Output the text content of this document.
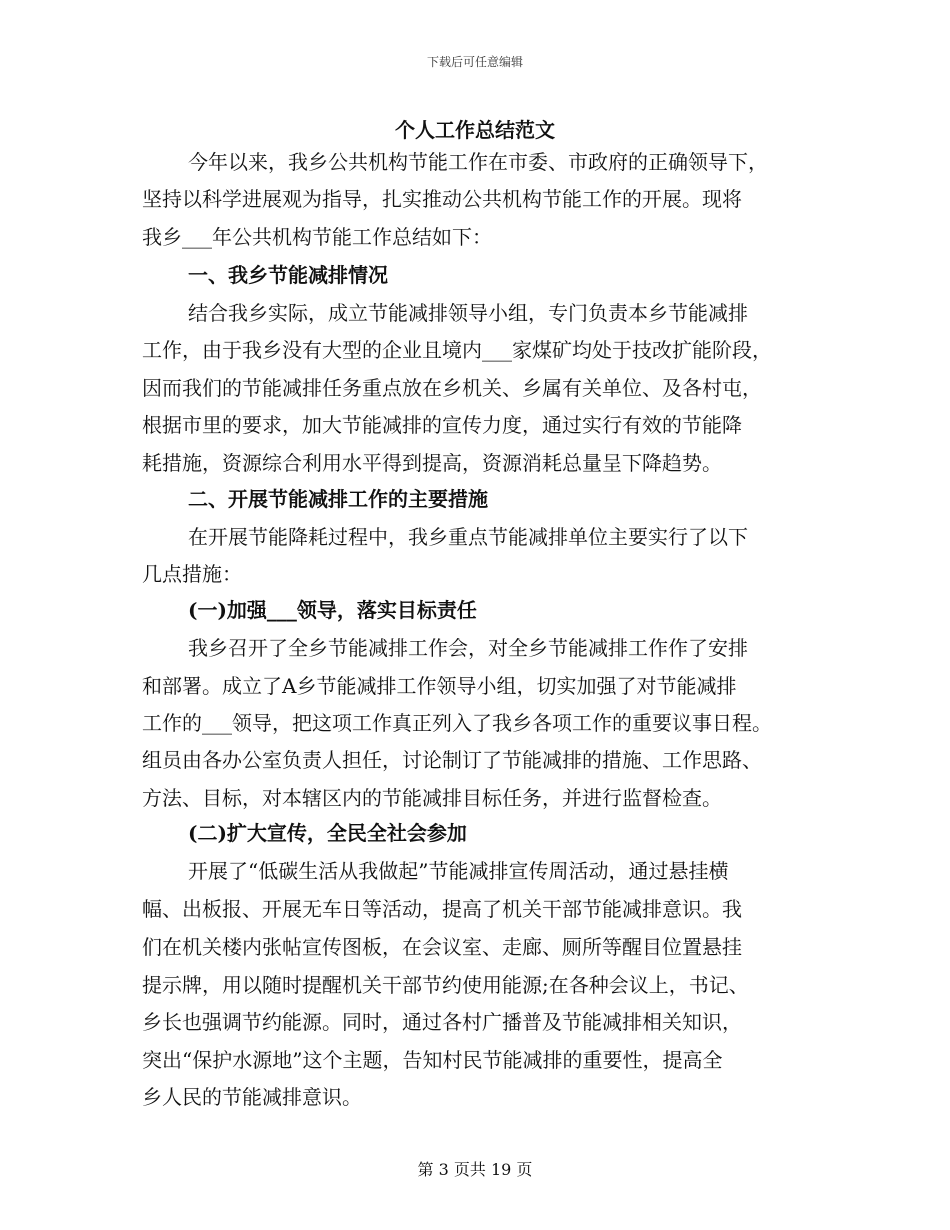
下载后可任意编辑
个人工作总结范文
今年以来，我乡公共机构节能工作在市委、市政府的正确领导下，
坚持以科学进展观为指导，扎实推动公共机构节能工作的开展。现将
我乡___年公共机构节能工作总结如下：
一、我乡节能减排情况
结合我乡实际，成立节能减排领导小组，专门负责本乡节能减排
工作，由于我乡没有大型的企业且境内___家煤矿均处于技改扩能阶段，
因而我们的节能减排任务重点放在乡机关、乡属有关单位、及各村屯，
根据市里的要求，加大节能减排的宣传力度，通过实行有效的节能降
耗措施，资源综合利用水平得到提高，资源消耗总量呈下降趋势。
二、开展节能减排工作的主要措施
在开展节能降耗过程中，我乡重点节能减排单位主要实行了以下
几点措施：
(一)加强___领导，落实目标责任
我乡召开了全乡节能减排工作会，对全乡节能减排工作作了安排
和部署。成立了A乡节能减排工作领导小组，切实加强了对节能减排
工作的___领导，把这项工作真正列入了我乡各项工作的重要议事日程。
组员由各办公室负责人担任，讨论制订了节能减排的措施、工作思路、
方法、目标，对本辖区内的节能减排目标任务，并进行监督检查。
(二)扩大宣传，全民全社会参加
开展了“低碳生活从我做起”节能减排宣传周活动，通过悬挂横
幅、出板报、开展无车日等活动，提高了机关干部节能减排意识。我
们在机关楼内张帖宣传图板，在会议室、走廊、厕所等醒目位置悬挂
提示牌，用以随时提醒机关干部节约使用能源;在各种会议上，书记、
乡长也强调节约能源。同时，通过各村广播普及节能减排相关知识，
突出“保护水源地”这个主题，告知村民节能减排的重要性，提高全
乡人民的节能减排意识。
第 3 页共 19 页
